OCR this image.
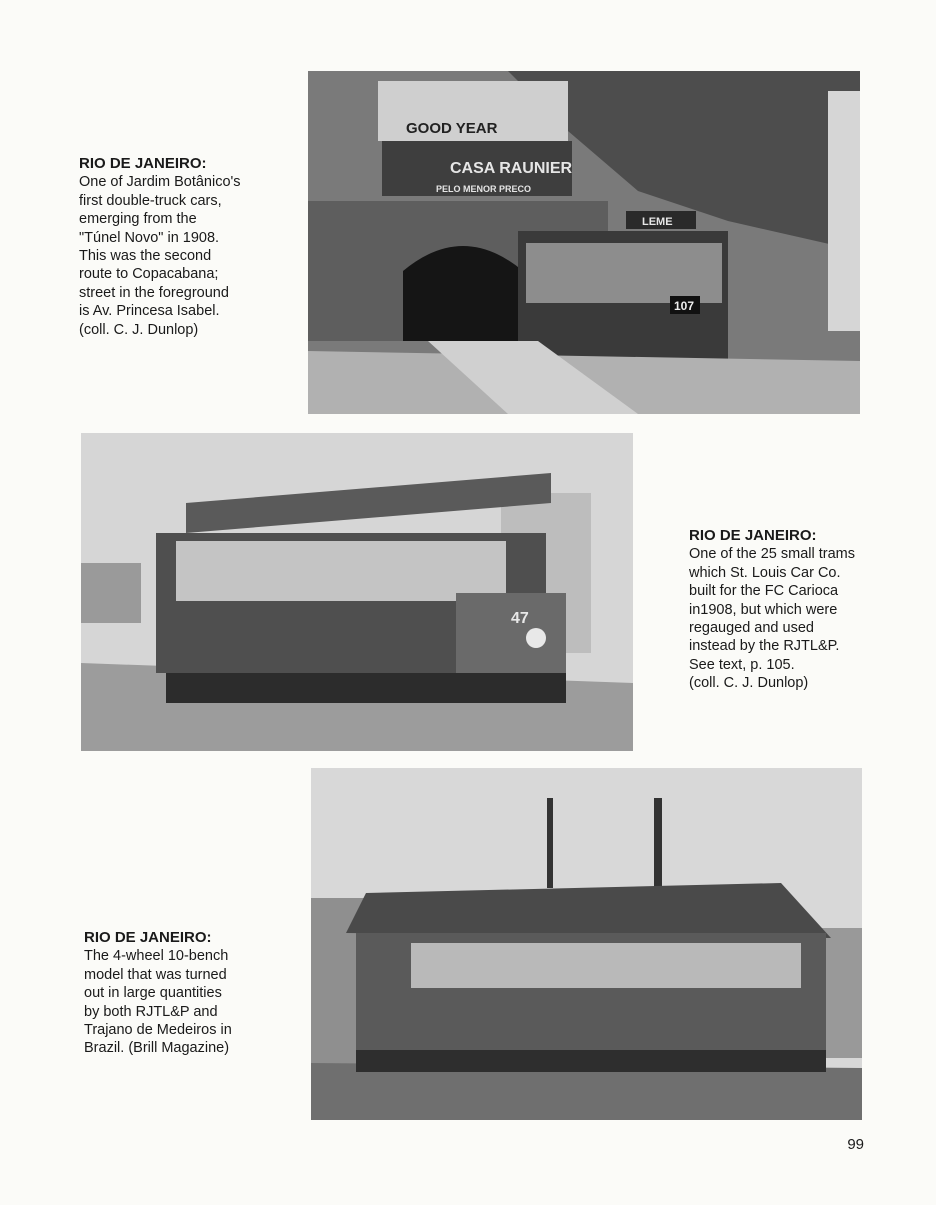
GOOD YEAR
CASA RAUNIER
PELO MENOR PRECO
LEME
107
RIO DE JANEIRO:
One of Jardim Botânico's
first double-truck cars,
emerging from the
"Túnel Novo" in 1908.
This was the second
route to Copacabana;
street in the foreground
is Av. Princesa Isabel.
(coll. C. J. Dunlop)
47
RIO DE JANEIRO:
One of the 25 small trams
which St. Louis Car Co.
built for the FC Carioca
in1908, but which were
regauged and used
instead by the RJTL&P.
See text, p. 105.
(coll. C. J. Dunlop)
RIO DE JANEIRO:
The 4-wheel 10-bench
model that was turned
out in large quantities
by both RJTL&P and
Trajano de Medeiros in
Brazil. (Brill Magazine)
99
